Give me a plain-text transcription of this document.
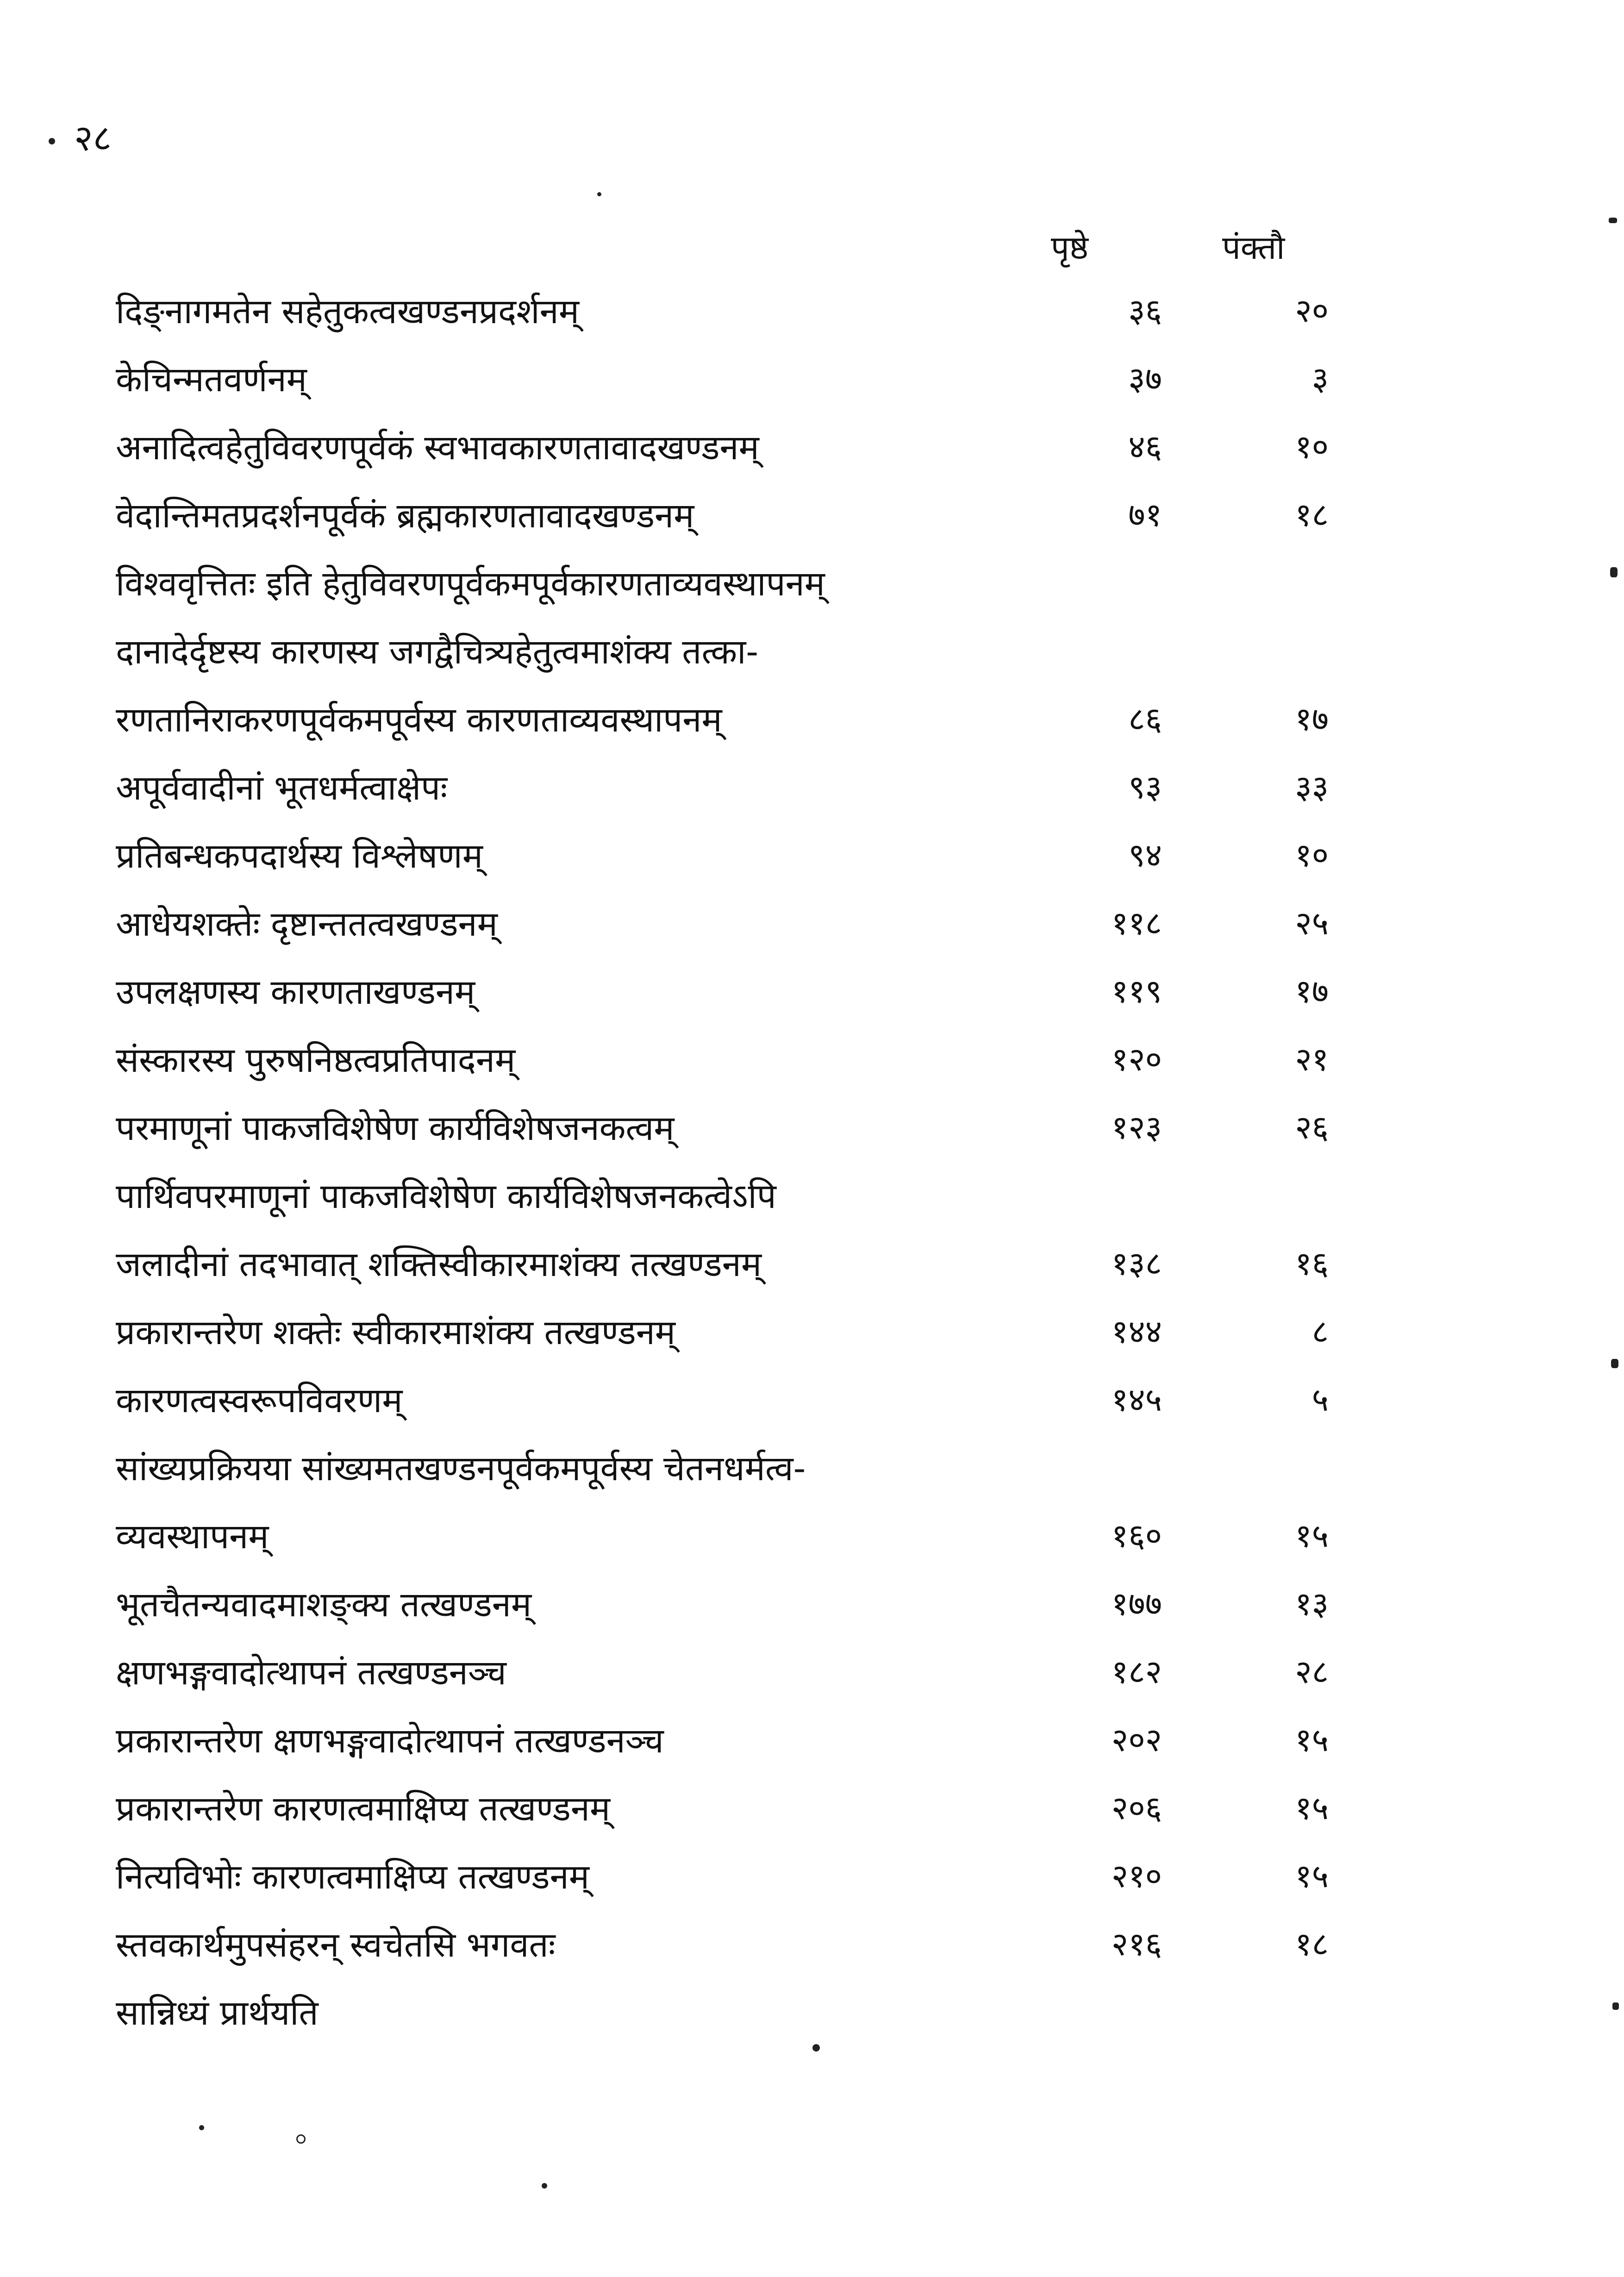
२८
पृष्ठे	पंक्तौ
दिङ्नागमतेन सहेतुकत्वखण्डनप्रदर्शनम्	३६	२०
केचिन्मतवर्णनम्	३७	३
अनादित्वहेतुविवरणपूर्वकं स्वभावकारणतावादखण्डनम्	४६	१०
वेदान्तिमतप्रदर्शनपूर्वकं ब्रह्मकारणतावादखण्डनम्	७१	१८
विश्ववृत्तितः इति हेतुविवरणपूर्वकमपूर्वकारणताव्यवस्थापनम्
दानादेर्दृष्टस्य कारणस्य जगद्वैचित्र्यहेतुत्वमाशंक्य तत्का-
रणतानिराकरणपूर्वकमपूर्वस्य कारणताव्यवस्थापनम्	८६	१७
अपूर्ववादीनां भूतधर्मत्वाक्षेपः	९३	३३
प्रतिबन्धकपदार्थस्य विश्लेषणम्	९४	१०
आधेयशक्तेः दृष्टान्ततत्वखण्डनम्	११८	२५
उपलक्षणस्य कारणताखण्डनम्	११९	१७
संस्कारस्य पुरुषनिष्ठत्वप्रतिपादनम्	१२०	२१
परमाणूनां पाकजविशेषेण कार्यविशेषजनकत्वम्	१२३	२६
पार्थिवपरमाणूनां पाकजविशेषेण कार्यविशेषजनकत्वेऽपि
जलादीनां तदभावात् शक्तिस्वीकारमाशंक्य तत्खण्डनम्	१३८	१६
प्रकारान्तरेण शक्तेः स्वीकारमाशंक्य तत्खण्डनम्	१४४	८
कारणत्वस्वरूपविवरणम्	१४५	५
सांख्यप्रक्रियया सांख्यमतखण्डनपूर्वकमपूर्वस्य चेतनधर्मत्व-
व्यवस्थापनम्	१६०	१५
भूतचैतन्यवादमाशङ्क्य तत्खण्डनम्	१७७	१३
क्षणभङ्गवादोत्थापनं तत्खण्डनञ्च	१८२	२८
प्रकारान्तरेण क्षणभङ्गवादोत्थापनं तत्खण्डनञ्च	२०२	१५
प्रकारान्तरेण कारणत्वमाक्षिप्य तत्खण्डनम्	२०६	१५
नित्यविभोः कारणत्वमाक्षिप्य तत्खण्डनम्	२१०	१५
स्तवकार्थमुपसंहरन् स्वचेतसि भगवतः	२१६	१८
सान्निध्यं प्रार्थयति
